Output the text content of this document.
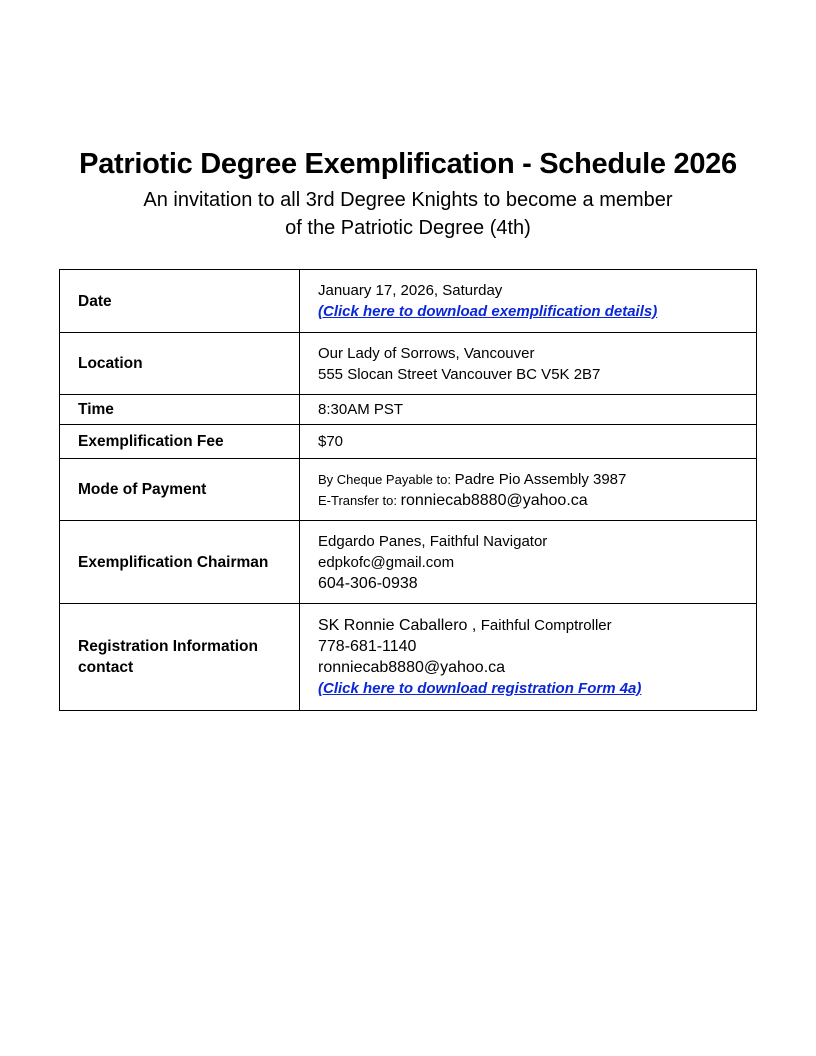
Patriotic Degree Exemplification - Schedule 2026
An invitation to all 3rd Degree Knights to become a member
of the Patriotic Degree (4th)
Date	January 17, 2026, Saturday
(Click here to download exemplification details)

Location	Our Lady of Sorrows, Vancouver
555 Slocan Street Vancouver BC V5K 2B7

Time	8:30AM PST
Exemplification Fee	$70
Mode of Payment	By Cheque Payable to: Padre Pio Assembly 3987
E-Transfer to: ronniecab8880@yahoo.ca

Exemplification Chairman	Edgardo Panes, Faithful Navigator
edpkofc@gmail.com
604-306-0938

Registration Information
contact	SK Ronnie Caballero , Faithful Comptroller
778-681-1140
ronniecab8880@yahoo.ca
(Click here to download registration Form 4a)
